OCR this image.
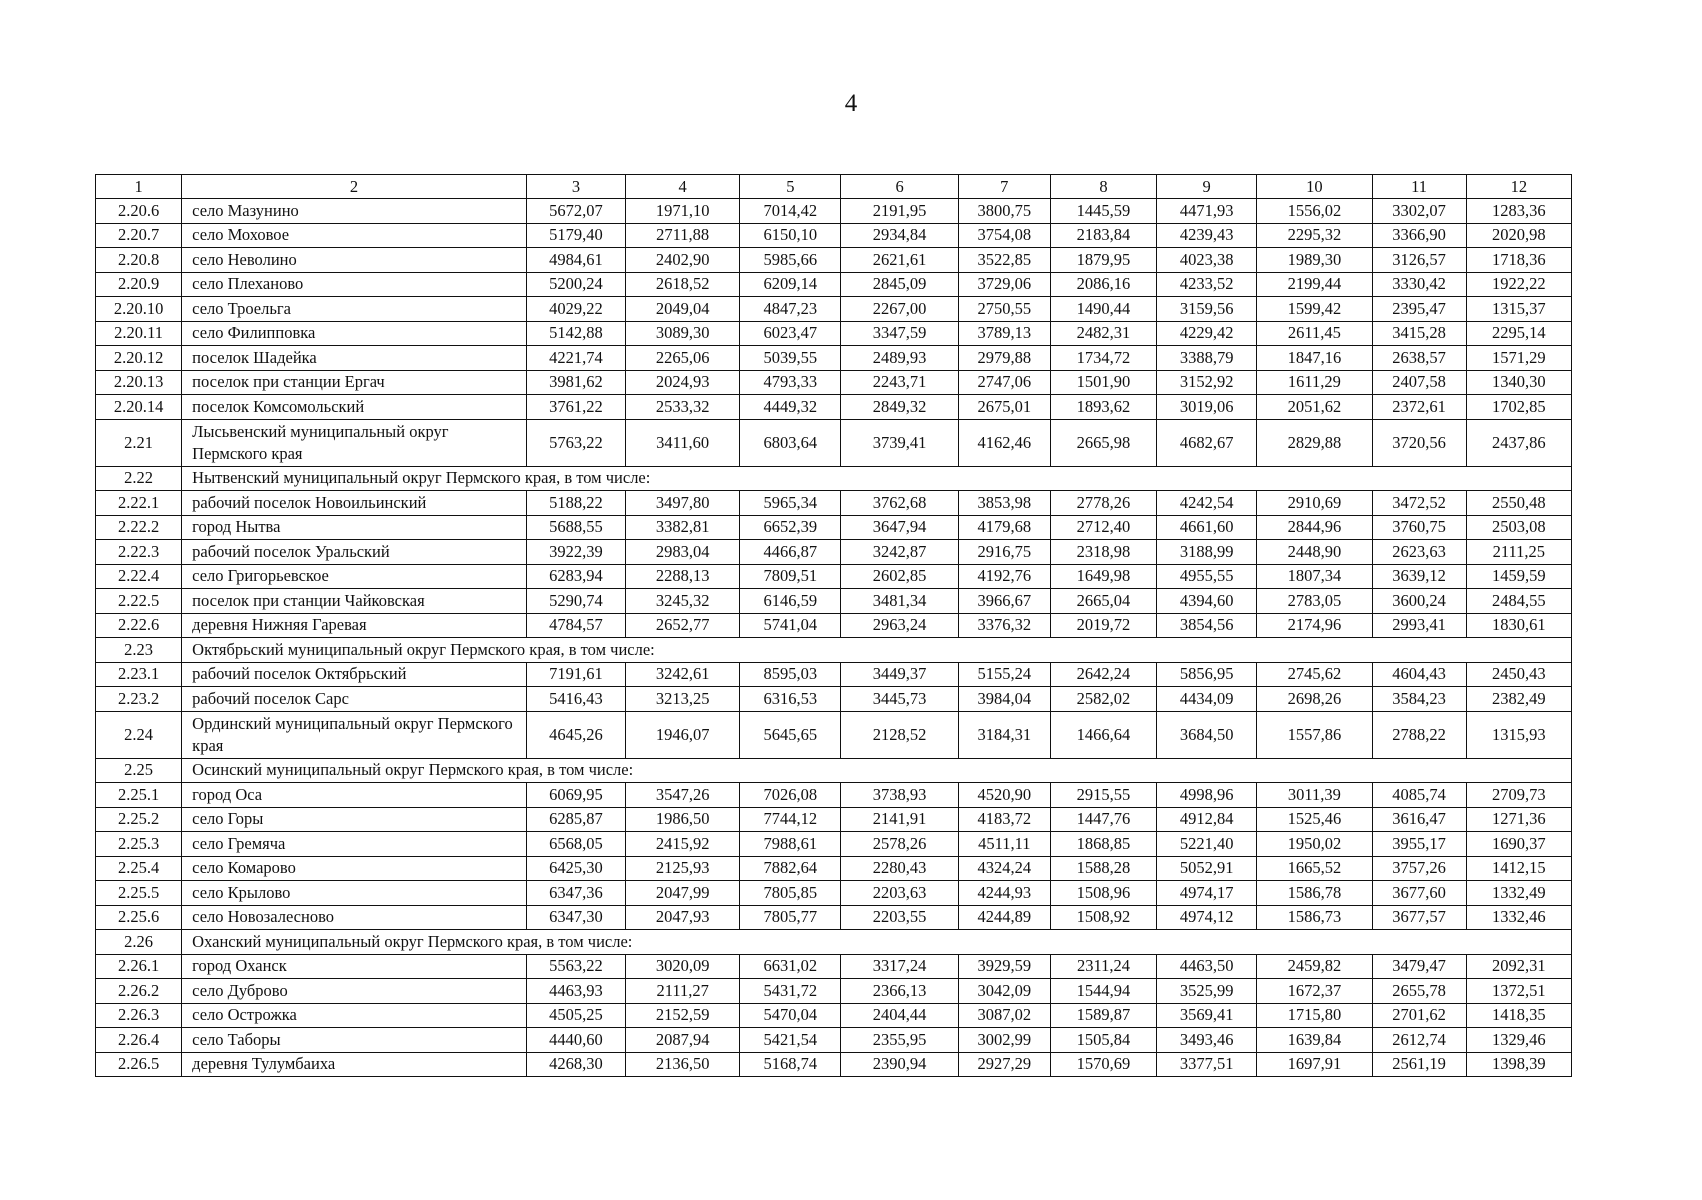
4
1	2	3	4	5	6	7	8	9	10	11	12
2.20.6	село Мазунино	5672,07	1971,10	7014,42	2191,95	3800,75	1445,59	4471,93	1556,02	3302,07	1283,36
2.20.7	село Моховое	5179,40	2711,88	6150,10	2934,84	3754,08	2183,84	4239,43	2295,32	3366,90	2020,98
2.20.8	село Неволино	4984,61	2402,90	5985,66	2621,61	3522,85	1879,95	4023,38	1989,30	3126,57	1718,36
2.20.9	село Плеханово	5200,24	2618,52	6209,14	2845,09	3729,06	2086,16	4233,52	2199,44	3330,42	1922,22
2.20.10	село Троельга	4029,22	2049,04	4847,23	2267,00	2750,55	1490,44	3159,56	1599,42	2395,47	1315,37
2.20.11	село Филипповка	5142,88	3089,30	6023,47	3347,59	3789,13	2482,31	4229,42	2611,45	3415,28	2295,14
2.20.12	поселок Шадейка	4221,74	2265,06	5039,55	2489,93	2979,88	1734,72	3388,79	1847,16	2638,57	1571,29
2.20.13	поселок при станции Ергач	3981,62	2024,93	4793,33	2243,71	2747,06	1501,90	3152,92	1611,29	2407,58	1340,30
2.20.14	поселок Комсомольский	3761,22	2533,32	4449,32	2849,32	2675,01	1893,62	3019,06	2051,62	2372,61	1702,85
2.21	Лысьвенский муниципальный округ Пермского края	5763,22	3411,60	6803,64	3739,41	4162,46	2665,98	4682,67	2829,88	3720,56	2437,86
2.22	Нытвенский муниципальный округ Пермского края, в том числе:										
2.22.1	рабочий поселок Новоильинский	5188,22	3497,80	5965,34	3762,68	3853,98	2778,26	4242,54	2910,69	3472,52	2550,48
2.22.2	город Нытва	5688,55	3382,81	6652,39	3647,94	4179,68	2712,40	4661,60	2844,96	3760,75	2503,08
2.22.3	рабочий поселок Уральский	3922,39	2983,04	4466,87	3242,87	2916,75	2318,98	3188,99	2448,90	2623,63	2111,25
2.22.4	село Григорьевское	6283,94	2288,13	7809,51	2602,85	4192,76	1649,98	4955,55	1807,34	3639,12	1459,59
2.22.5	поселок при станции Чайковская	5290,74	3245,32	6146,59	3481,34	3966,67	2665,04	4394,60	2783,05	3600,24	2484,55
2.22.6	деревня Нижняя Гаревая	4784,57	2652,77	5741,04	2963,24	3376,32	2019,72	3854,56	2174,96	2993,41	1830,61
2.23	Октябрьский муниципальный округ Пермского края, в том числе:										
2.23.1	рабочий поселок Октябрьский	7191,61	3242,61	8595,03	3449,37	5155,24	2642,24	5856,95	2745,62	4604,43	2450,43
2.23.2	рабочий поселок Сарс	5416,43	3213,25	6316,53	3445,73	3984,04	2582,02	4434,09	2698,26	3584,23	2382,49
2.24	Ординский муниципальный округ Пермского края	4645,26	1946,07	5645,65	2128,52	3184,31	1466,64	3684,50	1557,86	2788,22	1315,93
2.25	Осинский муниципальный округ Пермского края, в том числе:										
2.25.1	город Оса	6069,95	3547,26	7026,08	3738,93	4520,90	2915,55	4998,96	3011,39	4085,74	2709,73
2.25.2	село Горы	6285,87	1986,50	7744,12	2141,91	4183,72	1447,76	4912,84	1525,46	3616,47	1271,36
2.25.3	село Гремяча	6568,05	2415,92	7988,61	2578,26	4511,11	1868,85	5221,40	1950,02	3955,17	1690,37
2.25.4	село Комарово	6425,30	2125,93	7882,64	2280,43	4324,24	1588,28	5052,91	1665,52	3757,26	1412,15
2.25.5	село Крылово	6347,36	2047,99	7805,85	2203,63	4244,93	1508,96	4974,17	1586,78	3677,60	1332,49
2.25.6	село Новозалесново	6347,30	2047,93	7805,77	2203,55	4244,89	1508,92	4974,12	1586,73	3677,57	1332,46
2.26	Оханский муниципальный округ Пермского края, в том числе:										
2.26.1	город Оханск	5563,22	3020,09	6631,02	3317,24	3929,59	2311,24	4463,50	2459,82	3479,47	2092,31
2.26.2	село Дуброво	4463,93	2111,27	5431,72	2366,13	3042,09	1544,94	3525,99	1672,37	2655,78	1372,51
2.26.3	село Острожка	4505,25	2152,59	5470,04	2404,44	3087,02	1589,87	3569,41	1715,80	2701,62	1418,35
2.26.4	село Таборы	4440,60	2087,94	5421,54	2355,95	3002,99	1505,84	3493,46	1639,84	2612,74	1329,46
2.26.5	деревня Тулумбаиха	4268,30	2136,50	5168,74	2390,94	2927,29	1570,69	3377,51	1697,91	2561,19	1398,39
